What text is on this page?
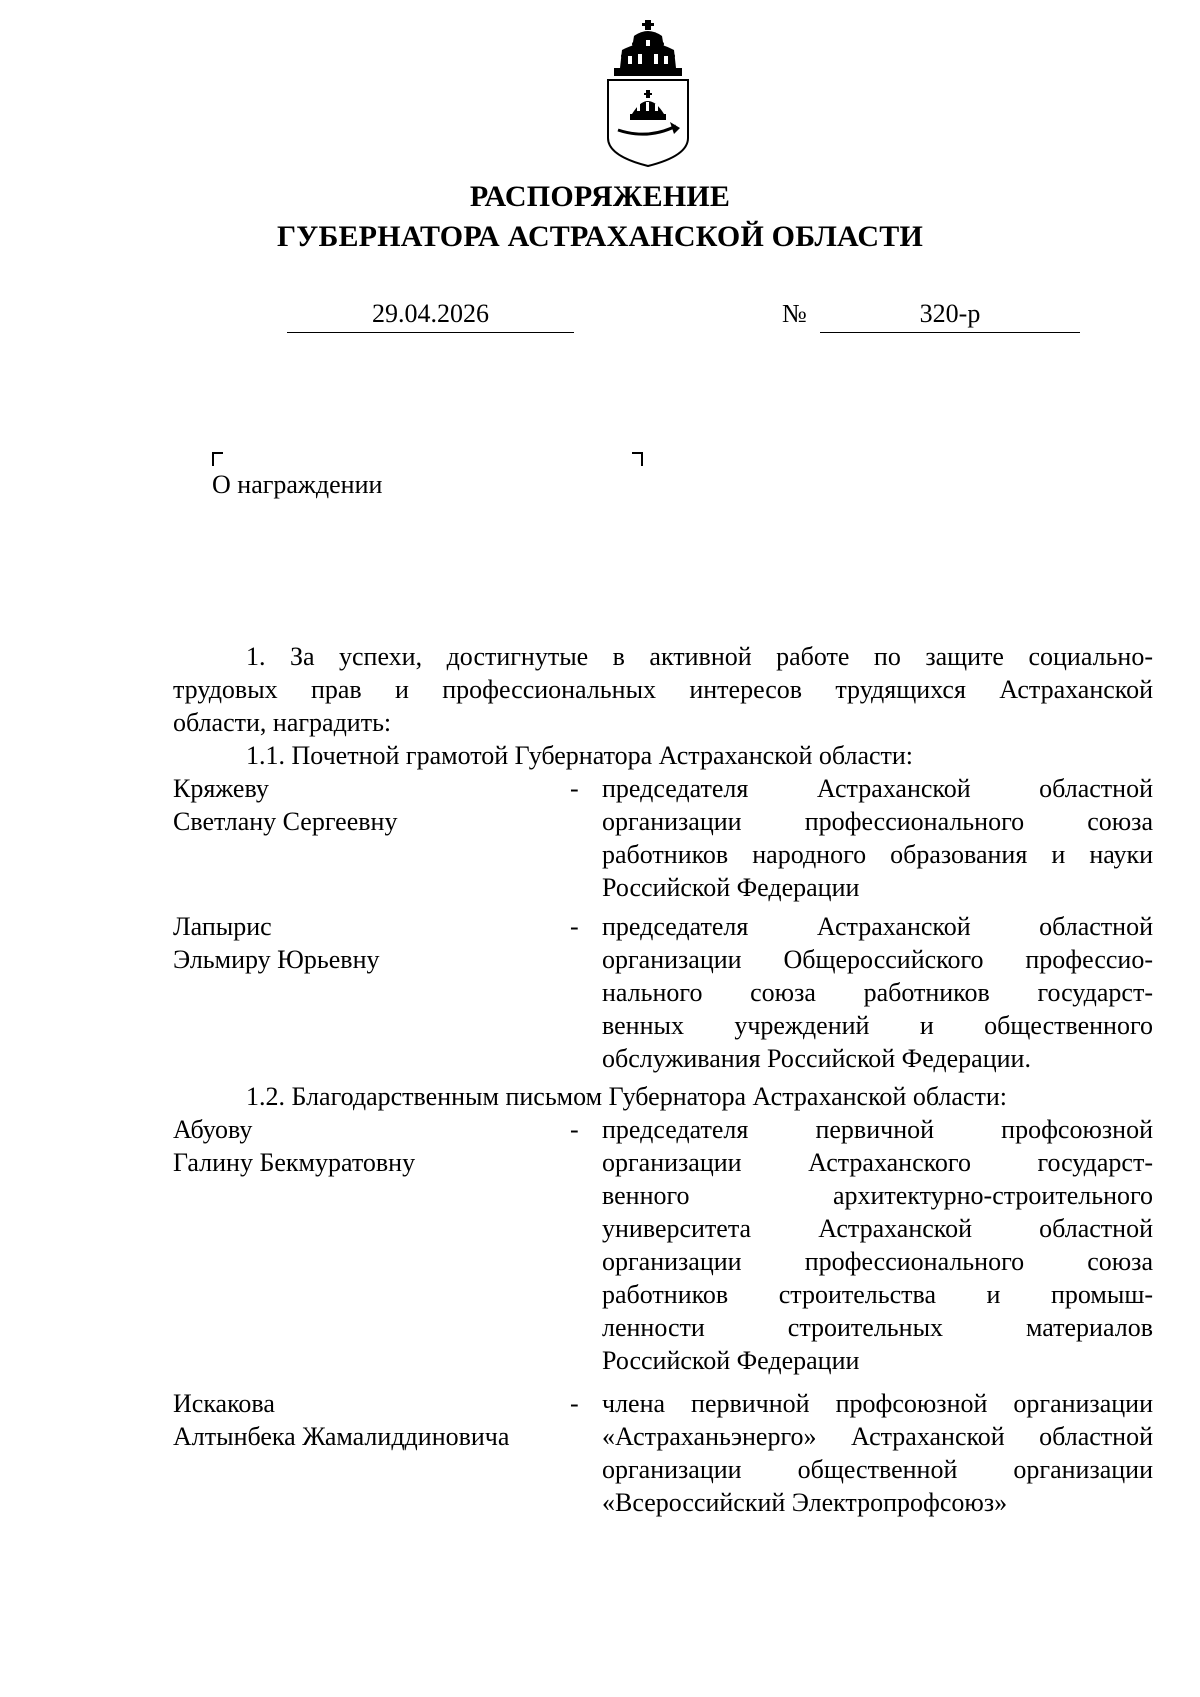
РАСПОРЯЖЕНИЕ
ГУБЕРНАТОРА АСТРАХАНСКОЙ ОБЛАСТИ
29.04.2026	№	320-р
О награждении
1. За успехи, достигнутые в активной работе по защите социально-
трудовых прав и профессиональных интересов трудящихся Астраханской
области, наградить:
1.1. Почетной грамотой Губернатора Астраханской области:
Кряжеву
Светлану Сергеевну
- председателя Астраханской областной
организации профессионального союза
работников народного образования и науки
Российской Федерации
Лапырис
Эльмиру Юрьевну
- председателя Астраханской областной
организации Общероссийского профессио-
нального союза работников государст-
венных учреждений и общественного
обслуживания Российской Федерации.
1.2. Благодарственным письмом Губернатора Астраханской области:
Абуову
Галину Бекмуратовну
- председателя первичной профсоюзной
организации Астраханского государст-
венного архитектурно-строительного
университета Астраханской областной
организации профессионального союза
работников строительства и промыш-
ленности строительных материалов
Российской Федерации
Искакова
Алтынбека Жамалиддиновича
- члена первичной профсоюзной организации
«Астраханьэнерго» Астраханской областной
организации общественной организации
«Всероссийский Электропрофсоюз»
